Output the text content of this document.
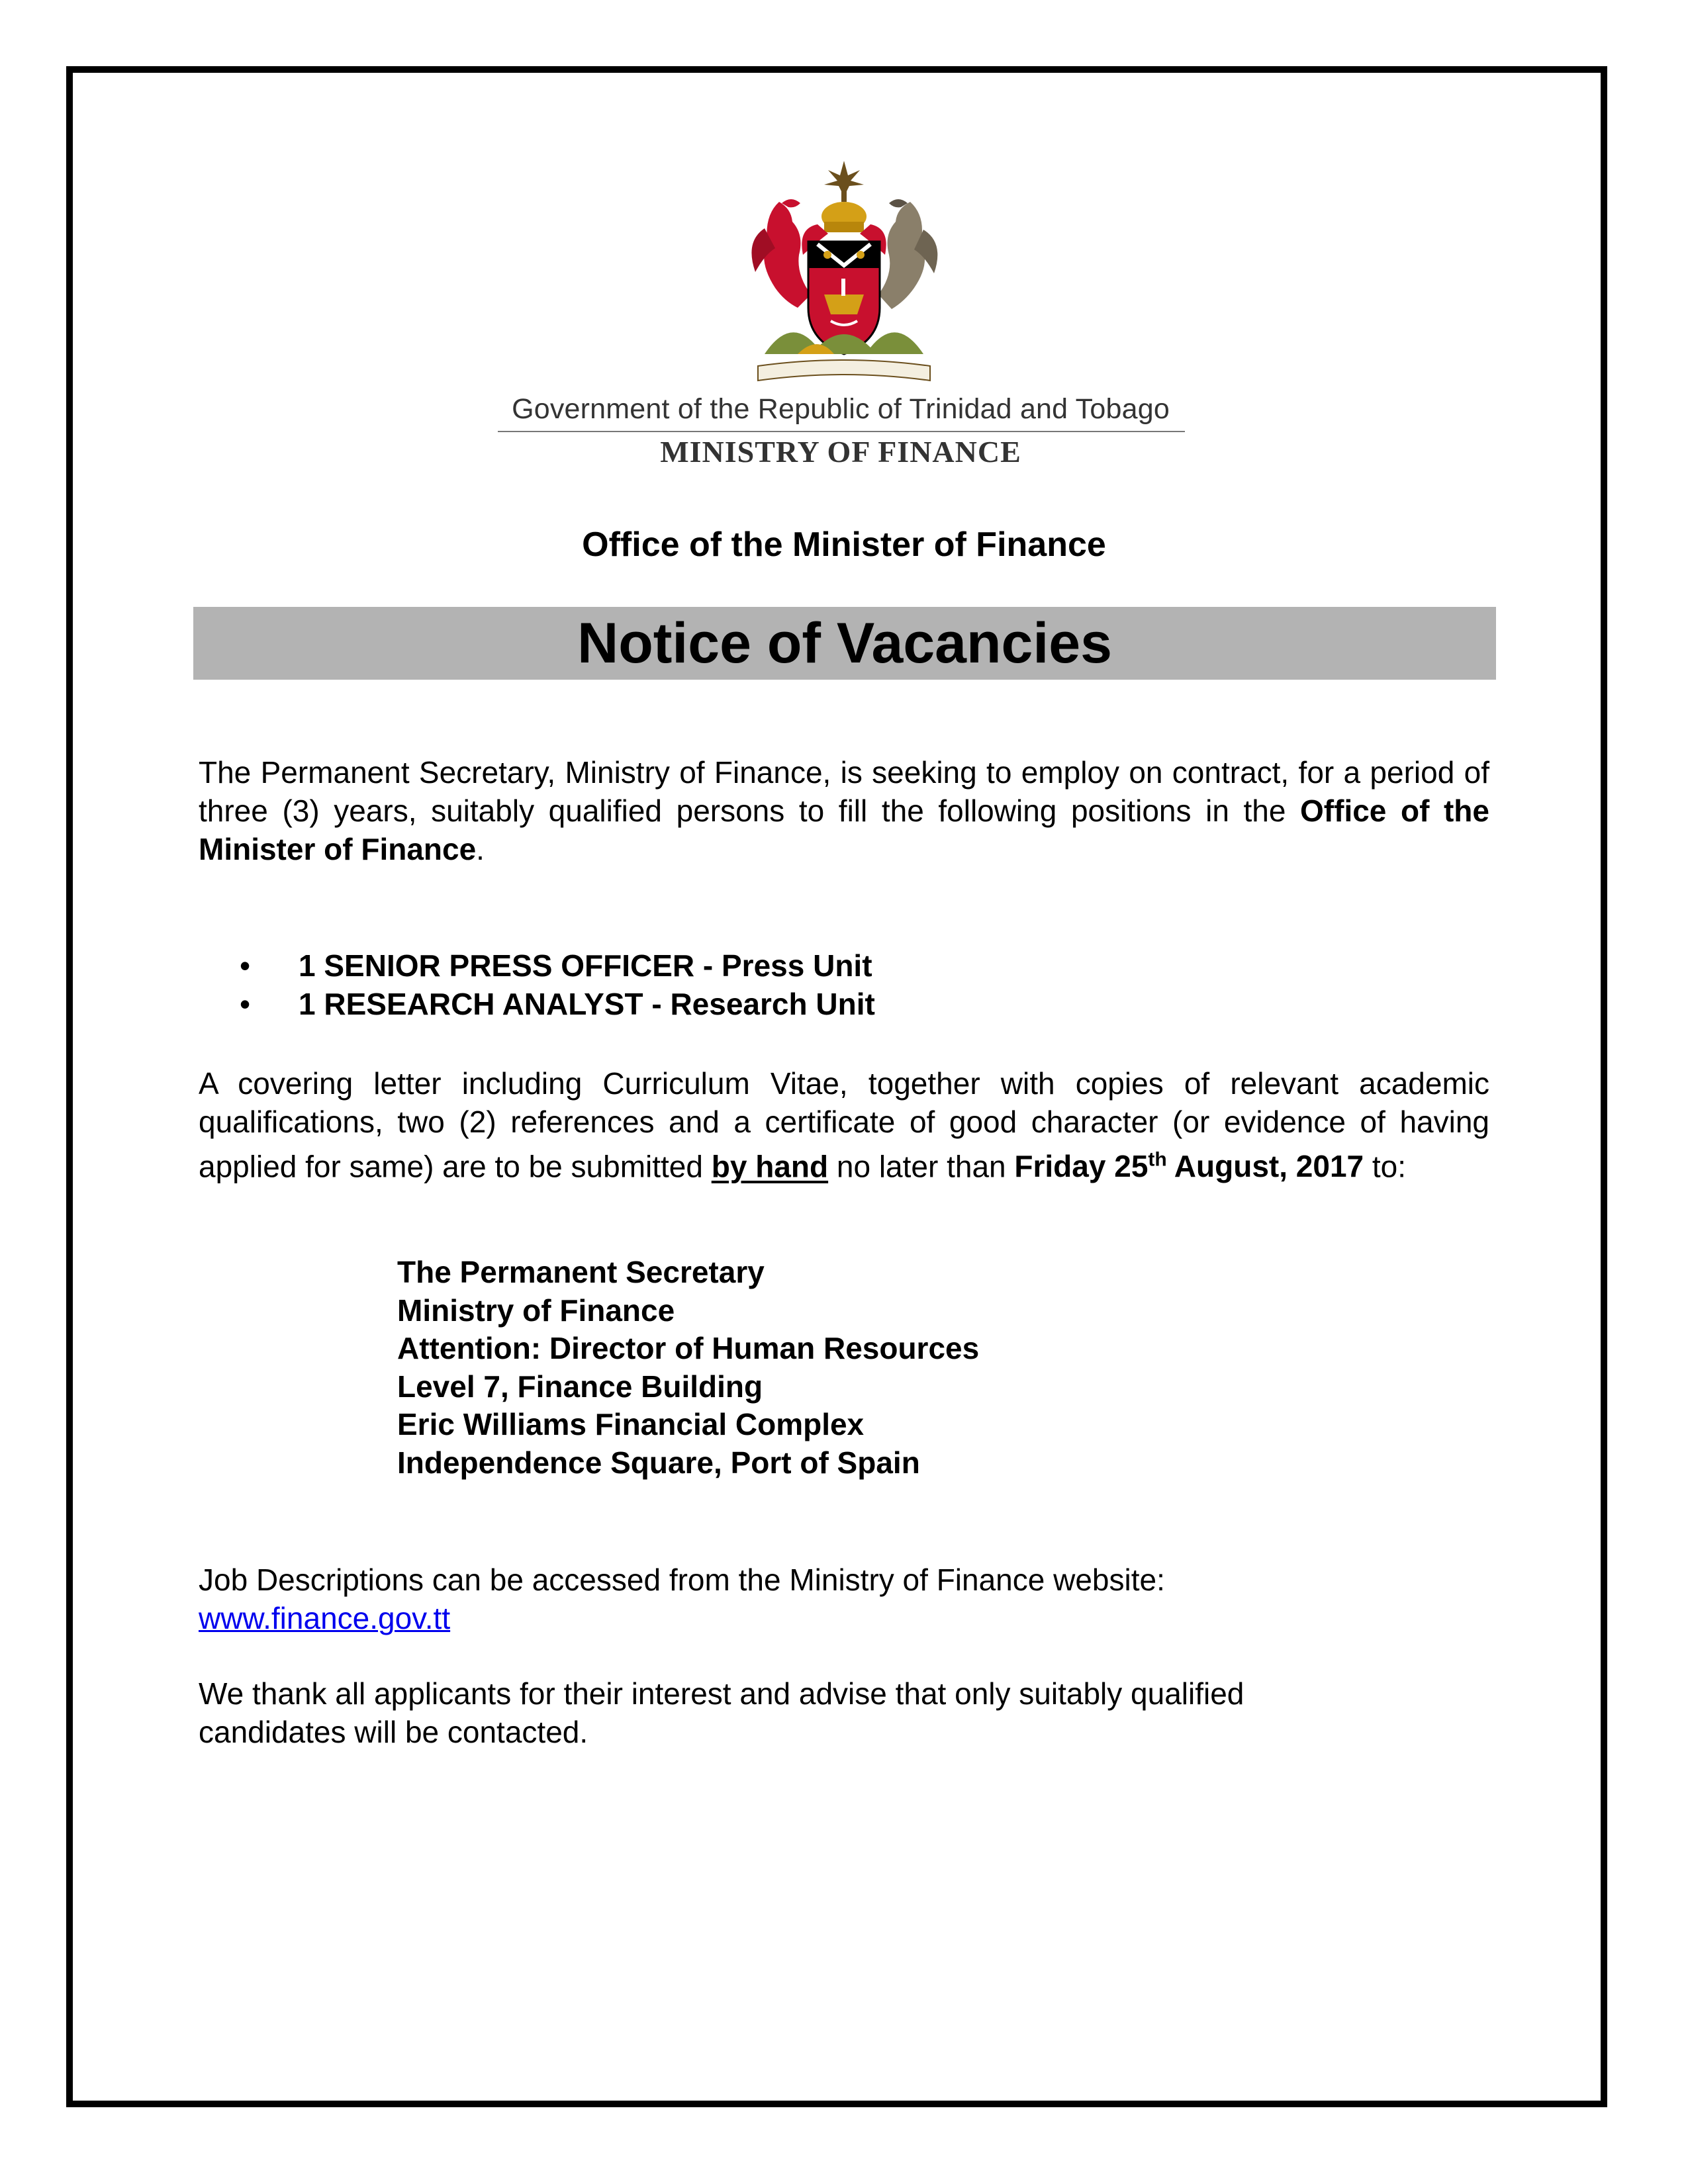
Government of the Republic of Trinidad and Tobago
MINISTRY OF FINANCE
Office of the Minister of Finance
Notice of Vacancies
The Permanent Secretary, Ministry of Finance, is seeking to employ on contract, for a period of three (3) years, suitably qualified persons to fill the following positions in the Office of the Minister of Finance.
• 1 SENIOR PRESS OFFICER - Press Unit
• 1 RESEARCH ANALYST - Research Unit
A covering letter including Curriculum Vitae, together with copies of relevant academic qualifications, two (2) references and a certificate of good character (or evidence of having applied for same) are to be submitted by hand no later than Friday 25th August, 2017 to:
The Permanent Secretary
Ministry of Finance
Attention: Director of Human Resources
Level 7, Finance Building
Eric Williams Financial Complex
Independence Square, Port of Spain
Job Descriptions can be accessed from the Ministry of Finance website:
www.finance.gov.tt
We thank all applicants for their interest and advise that only suitably qualified candidates will be contacted.
